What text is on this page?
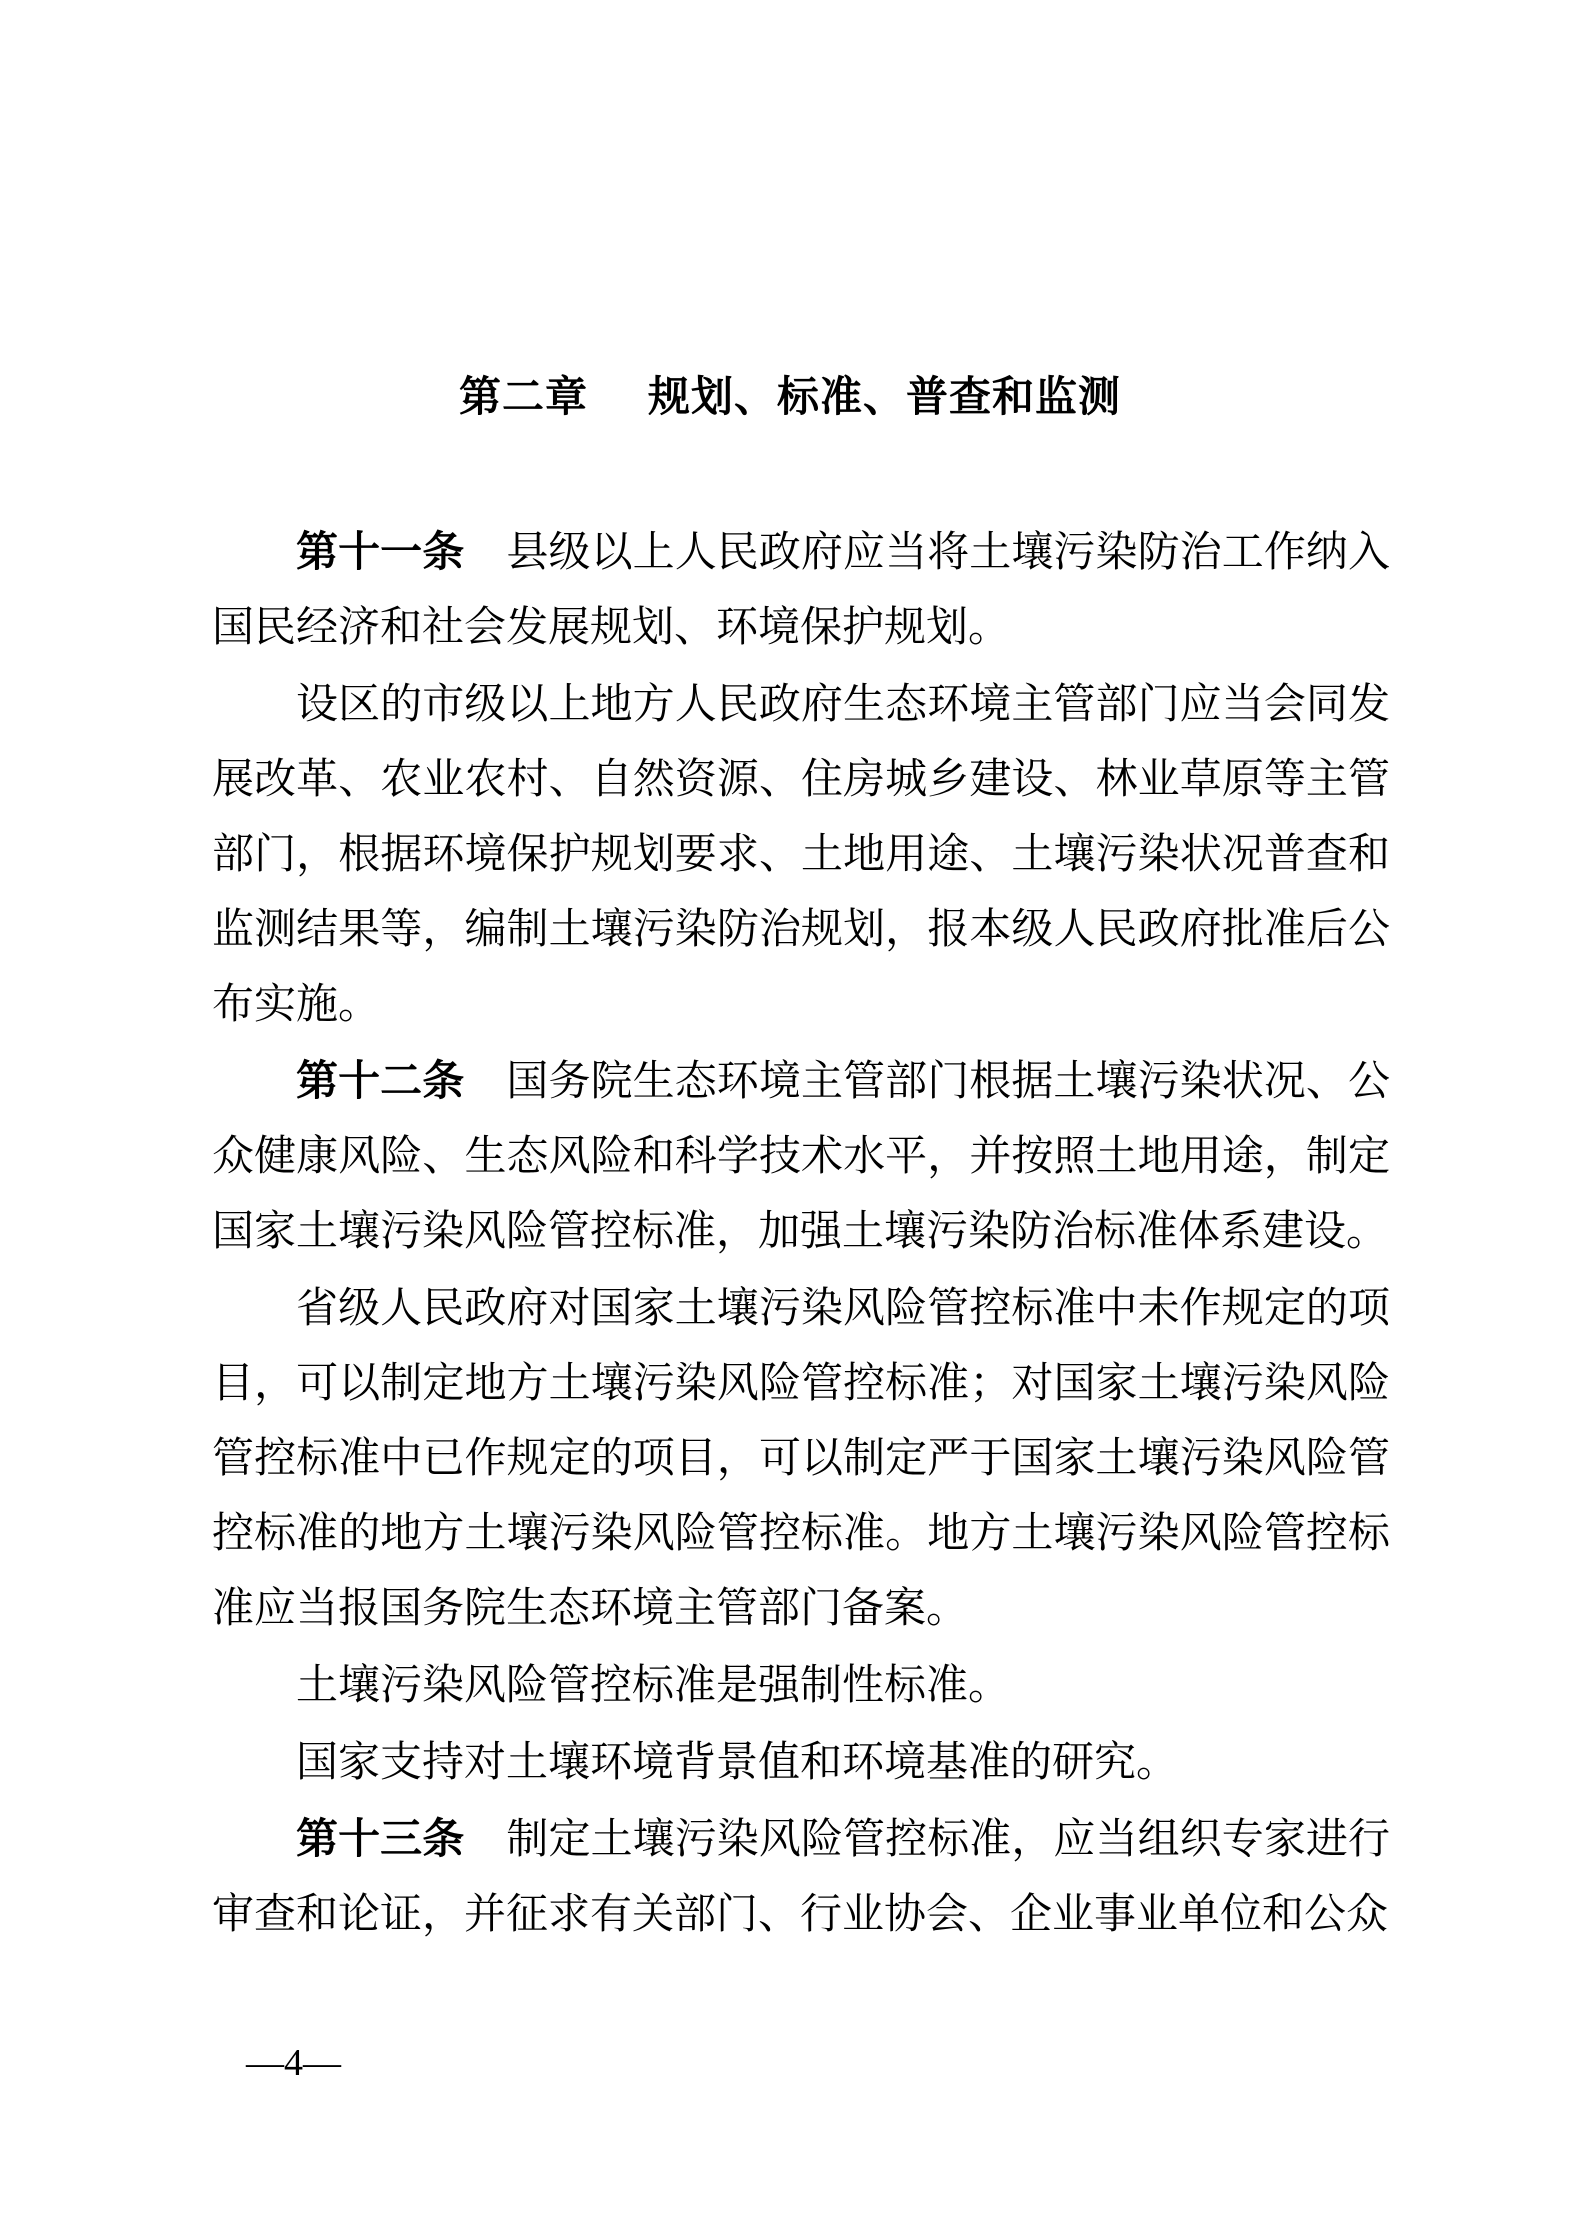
第二章 规划、标准、普查和监测

第十一条　县级以上人民政府应当将土壤污染防治工作纳入国民经济和社会发展规划、环境保护规划。

设区的市级以上地方人民政府生态环境主管部门应当会同发展改革、农业农村、自然资源、住房城乡建设、林业草原等主管部门，根据环境保护规划要求、土地用途、土壤污染状况普查和监测结果等，编制土壤污染防治规划，报本级人民政府批准后公布实施。

第十二条　国务院生态环境主管部门根据土壤污染状况、公众健康风险、生态风险和科学技术水平，并按照土地用途，制定国家土壤污染风险管控标准，加强土壤污染防治标准体系建设。

省级人民政府对国家土壤污染风险管控标准中未作规定的项目，可以制定地方土壤污染风险管控标准；对国家土壤污染风险管控标准中已作规定的项目，可以制定严于国家土壤污染风险管控标准的地方土壤污染风险管控标准。地方土壤污染风险管控标准应当报国务院生态环境主管部门备案。

土壤污染风险管控标准是强制性标准。

国家支持对土壤环境背景值和环境基准的研究。

第十三条　制定土壤污染风险管控标准，应当组织专家进行审查和论证，并征求有关部门、行业协会、企业事业单位和公众

—4—
